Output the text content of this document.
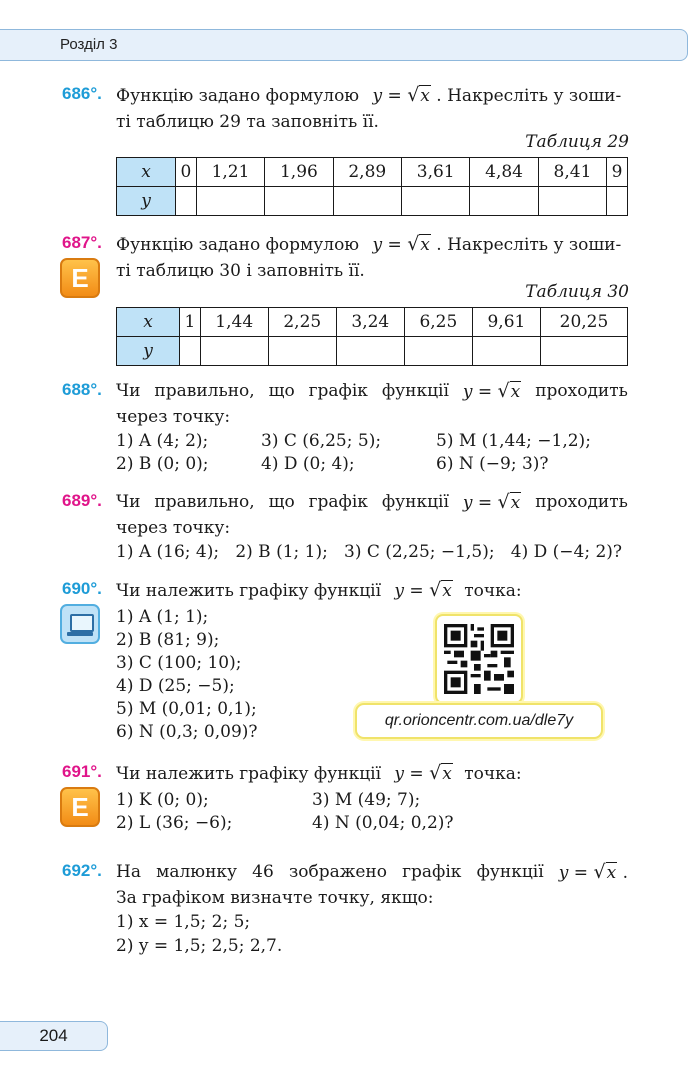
Розділ 3
686°. Функцію задано формулою y = √x . Накресліть у зоши-
ті таблицю 29 та заповніть її.
Таблиця 29
x	0	1,21	1,96	2,89	3,61	4,84	8,41	9
y								
687°.
E
Функцію задано формулою y = √x . Накресліть у зоши-
ті таблицю 30 і заповніть її.
Таблиця 30
x	1	1,44	2,25	3,24	6,25	9,61	20,25
y							
688°. Чи правильно, що графік функції y = √x проходить
через точку:
1) A (4; 2);	3) C (6,25; 5);	5) M (1,44; −1,2);
2) B (0; 0);	4) D (0; 4);	6) N (−9; 3)?
689°. Чи правильно, що графік функції y = √x проходить
через точку:
1) A (16; 4);   2) B (1; 1);   3) C (2,25; −1,5);   4) D (−4; 2)?
690°. Чи належить графіку функції y = √x точка:
1) A (1; 1);
2) B (81; 9);
3) C (100; 10);
4) D (25; −5);
5) M (0,01; 0,1);
6) N (0,3; 0,09)?
qr.orioncentr.com.ua/dle7y
691°.
E
Чи належить графіку функції y = √x точка:
1) K (0; 0);	3) M (49; 7);
2) L (36; −6);	4) N (0,04; 0,2)?
692°. На малюнку 46 зображено графік функції y = √x .
За графіком визначте точку, якщо:
1) x = 1,5; 2; 5;
2) y = 1,5; 2,5; 2,7.
204
